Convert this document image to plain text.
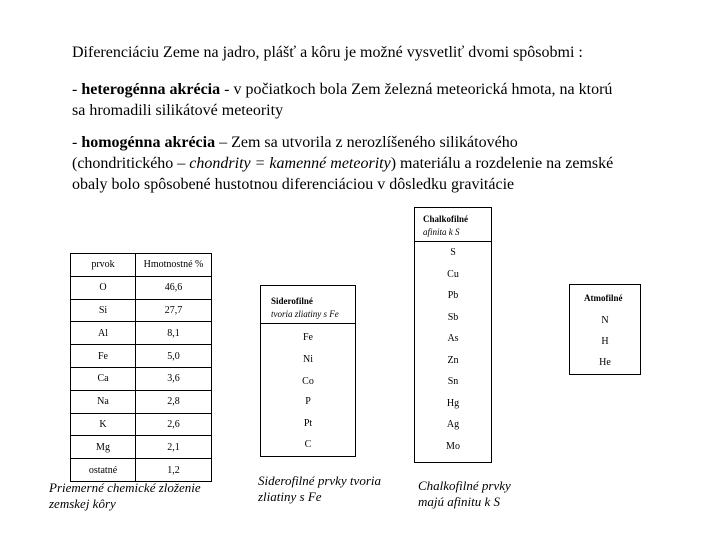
Diferenciáciu Zeme na jadro, plášť a kôru je možné vysvetliť dvomi spôsobmi :
- heterogénna akrécia - v počiatkoch bola Zem železná meteorická hmota, na ktorú
sa hromadili silikátové meteority
- homogénna akrécia – Zem sa utvorila z nerozlíšeného silikátového
(chondritického – chondrity = kamenné meteority) materiálu a rozdelenie na zemské
obaly bolo spôsobené hustotnou diferenciáciou v dôsledku gravitácie
prvok	Hmotnostné %
O	46,6
Si	27,7
Al	8,1
Fe	5,0
Ca	3,6
Na	2,8
K	2,6
Mg	2,1
ostatné	1,2
Priemerné chemické zloženie
zemskej kôry
Siderofilné
tvoria zliatiny s Fe
Fe
Ni
Co
P
Pt
C
Siderofilné prvky tvoria
zliatiny s Fe
Chalkofilné
afinita k S
S
Cu
Pb
Sb
As
Zn
Sn
Hg
Ag
Mo
Chalkofilné prvky
majú afinitu k S
Atmofilné
N
H
He
